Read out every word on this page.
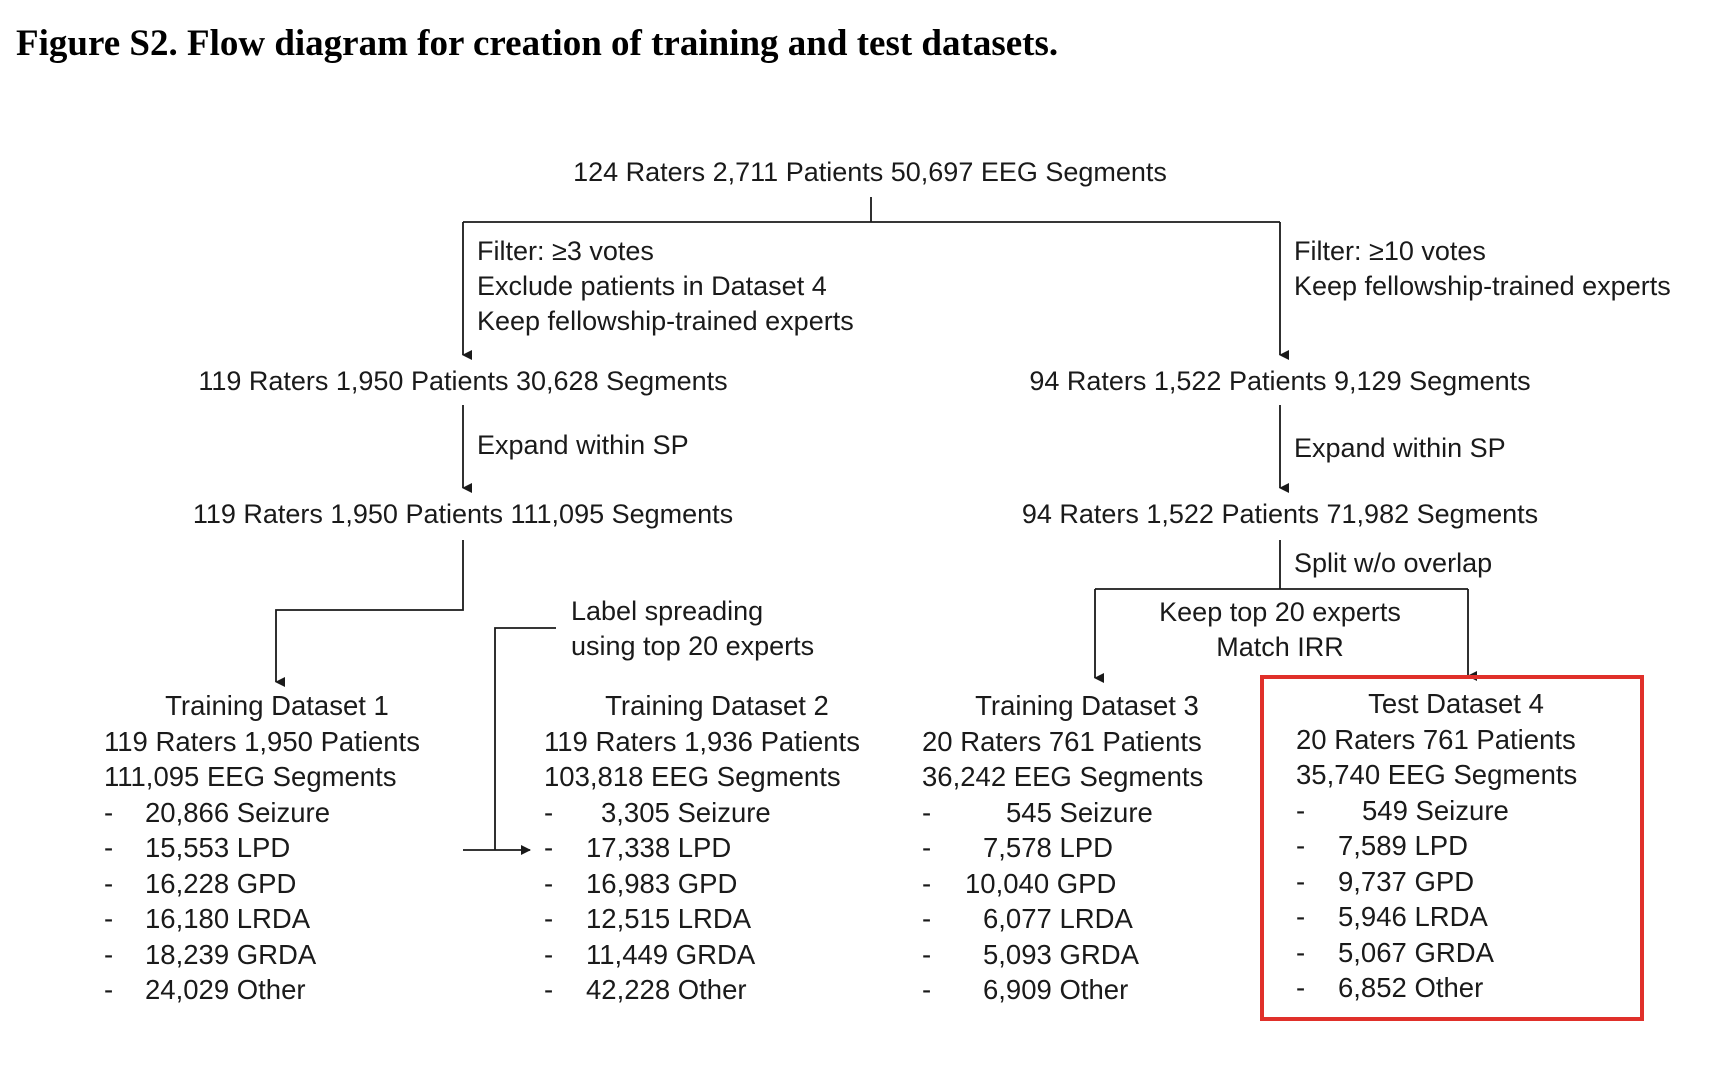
Figure S2. Flow diagram for creation of training and test datasets.
124 Raters 2,711 Patients 50,697 EEG Segments
Filter: ≥3 votes
Exclude patients in Dataset 4
Keep fellowship-trained experts
Filter: ≥10 votes
Keep fellowship-trained experts
119 Raters 1,950 Patients 30,628 Segments	94 Raters 1,522 Patients 9,129 Segments
Expand within SP	Expand within SP
119 Raters 1,950 Patients 111,095 Segments	94 Raters 1,522 Patients 71,982 Segments
Split w/o overlap
Label spreading
using top 20 experts
Keep top 20 experts
Match IRR
Training Dataset 1
119 Raters 1,950 Patients
111,095 EEG Segments
- 20,866 Seizure
- 15,553 LPD
- 16,228 GPD
- 16,180 LRDA
- 18,239 GRDA
- 24,029 Other
Training Dataset 2
119 Raters 1,936 Patients
103,818 EEG Segments
- 3,305 Seizure
- 17,338 LPD
- 16,983 GPD
- 12,515 LRDA
- 11,449 GRDA
- 42,228 Other
Training Dataset 3
20 Raters 761 Patients
36,242 EEG Segments
-	545 Seizure
- 7,578 LPD
- 10,040 GPD
- 6,077 LRDA
- 5,093 GRDA
- 6,909 Other
Test Dataset 4
20 Raters 761 Patients
35,740 EEG Segments
- 549 Seizure
- 7,589 LPD
- 9,737 GPD
- 5,946 LRDA
- 5,067 GRDA
- 6,852 Other
